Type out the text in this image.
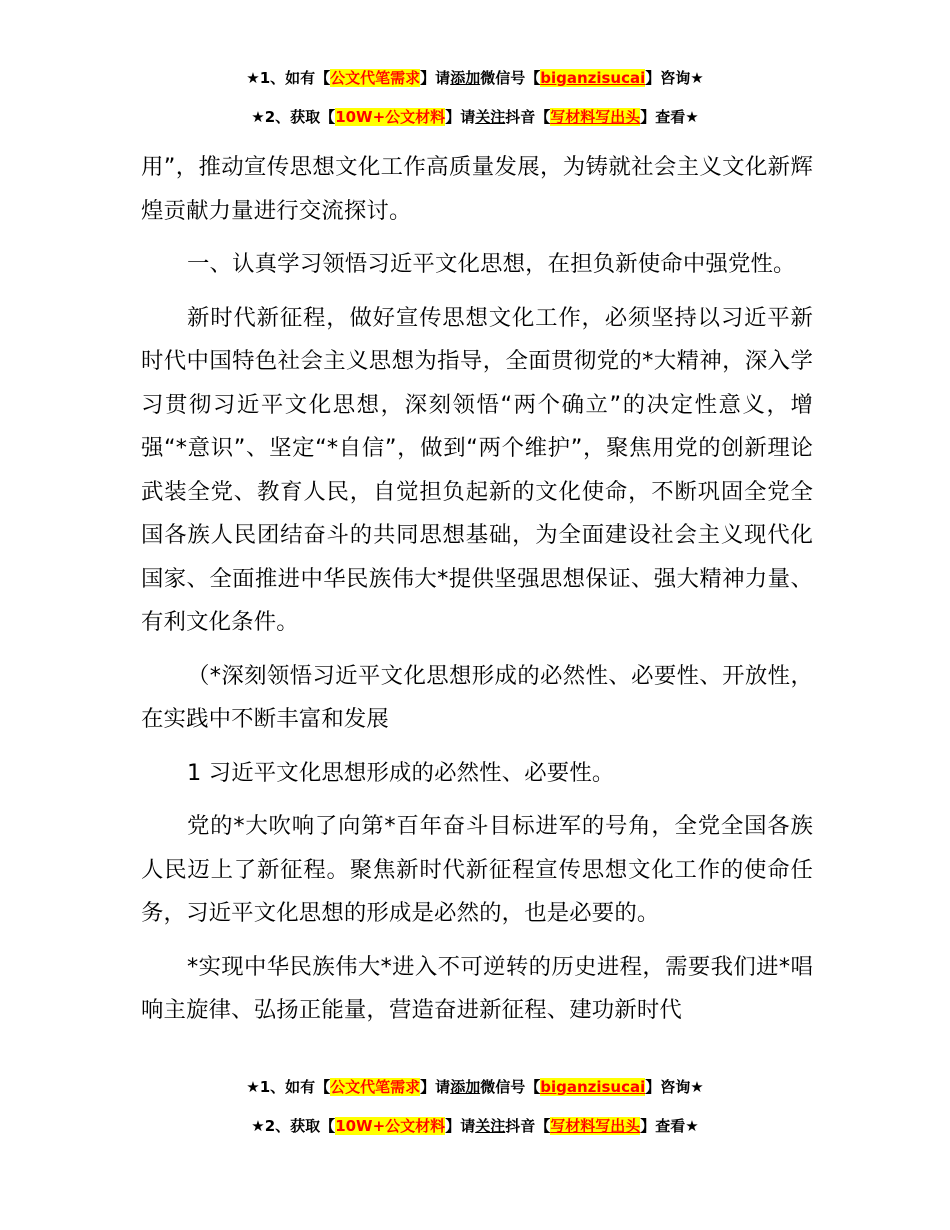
★1、如有【公文代笔需求】请添加微信号【biganzisucai】咨询★
★2、获取【10W+公文材料】请关注抖音【写材料写出头】查看★

用”，推动宣传思想文化工作高质量发展，为铸就社会主义文化新辉煌贡献力量进行交流探讨。

一、认真学习领悟习近平文化思想，在担负新使命中强党性。

新时代新征程，做好宣传思想文化工作，必须坚持以习近平新时代中国特色社会主义思想为指导，全面贯彻党的*大精神，深入学习贯彻习近平文化思想，深刻领悟“两个确立”的决定性意义，增强“*意识”、坚定“*自信”，做到“两个维护”，聚焦用党的创新理论武装全党、教育人民，自觉担负起新的文化使命，不断巩固全党全国各族人民团结奋斗的共同思想基础，为全面建设社会主义现代化国家、全面推进中华民族伟大*提供坚强思想保证、强大精神力量、有利文化条件。

（*深刻领悟习近平文化思想形成的必然性、必要性、开放性，在实践中不断丰富和发展

1 习近平文化思想形成的必然性、必要性。

党的*大吹响了向第*百年奋斗目标进军的号角，全党全国各族人民迈上了新征程。聚焦新时代新征程宣传思想文化工作的使命任务，习近平文化思想的形成是必然的，也是必要的。

*实现中华民族伟大*进入不可逆转的历史进程，需要我们进*唱响主旋律、弘扬正能量，营造奋进新征程、建功新时代

★1、如有【公文代笔需求】请添加微信号【biganzisucai】咨询★
★2、获取【10W+公文材料】请关注抖音【写材料写出头】查看★
